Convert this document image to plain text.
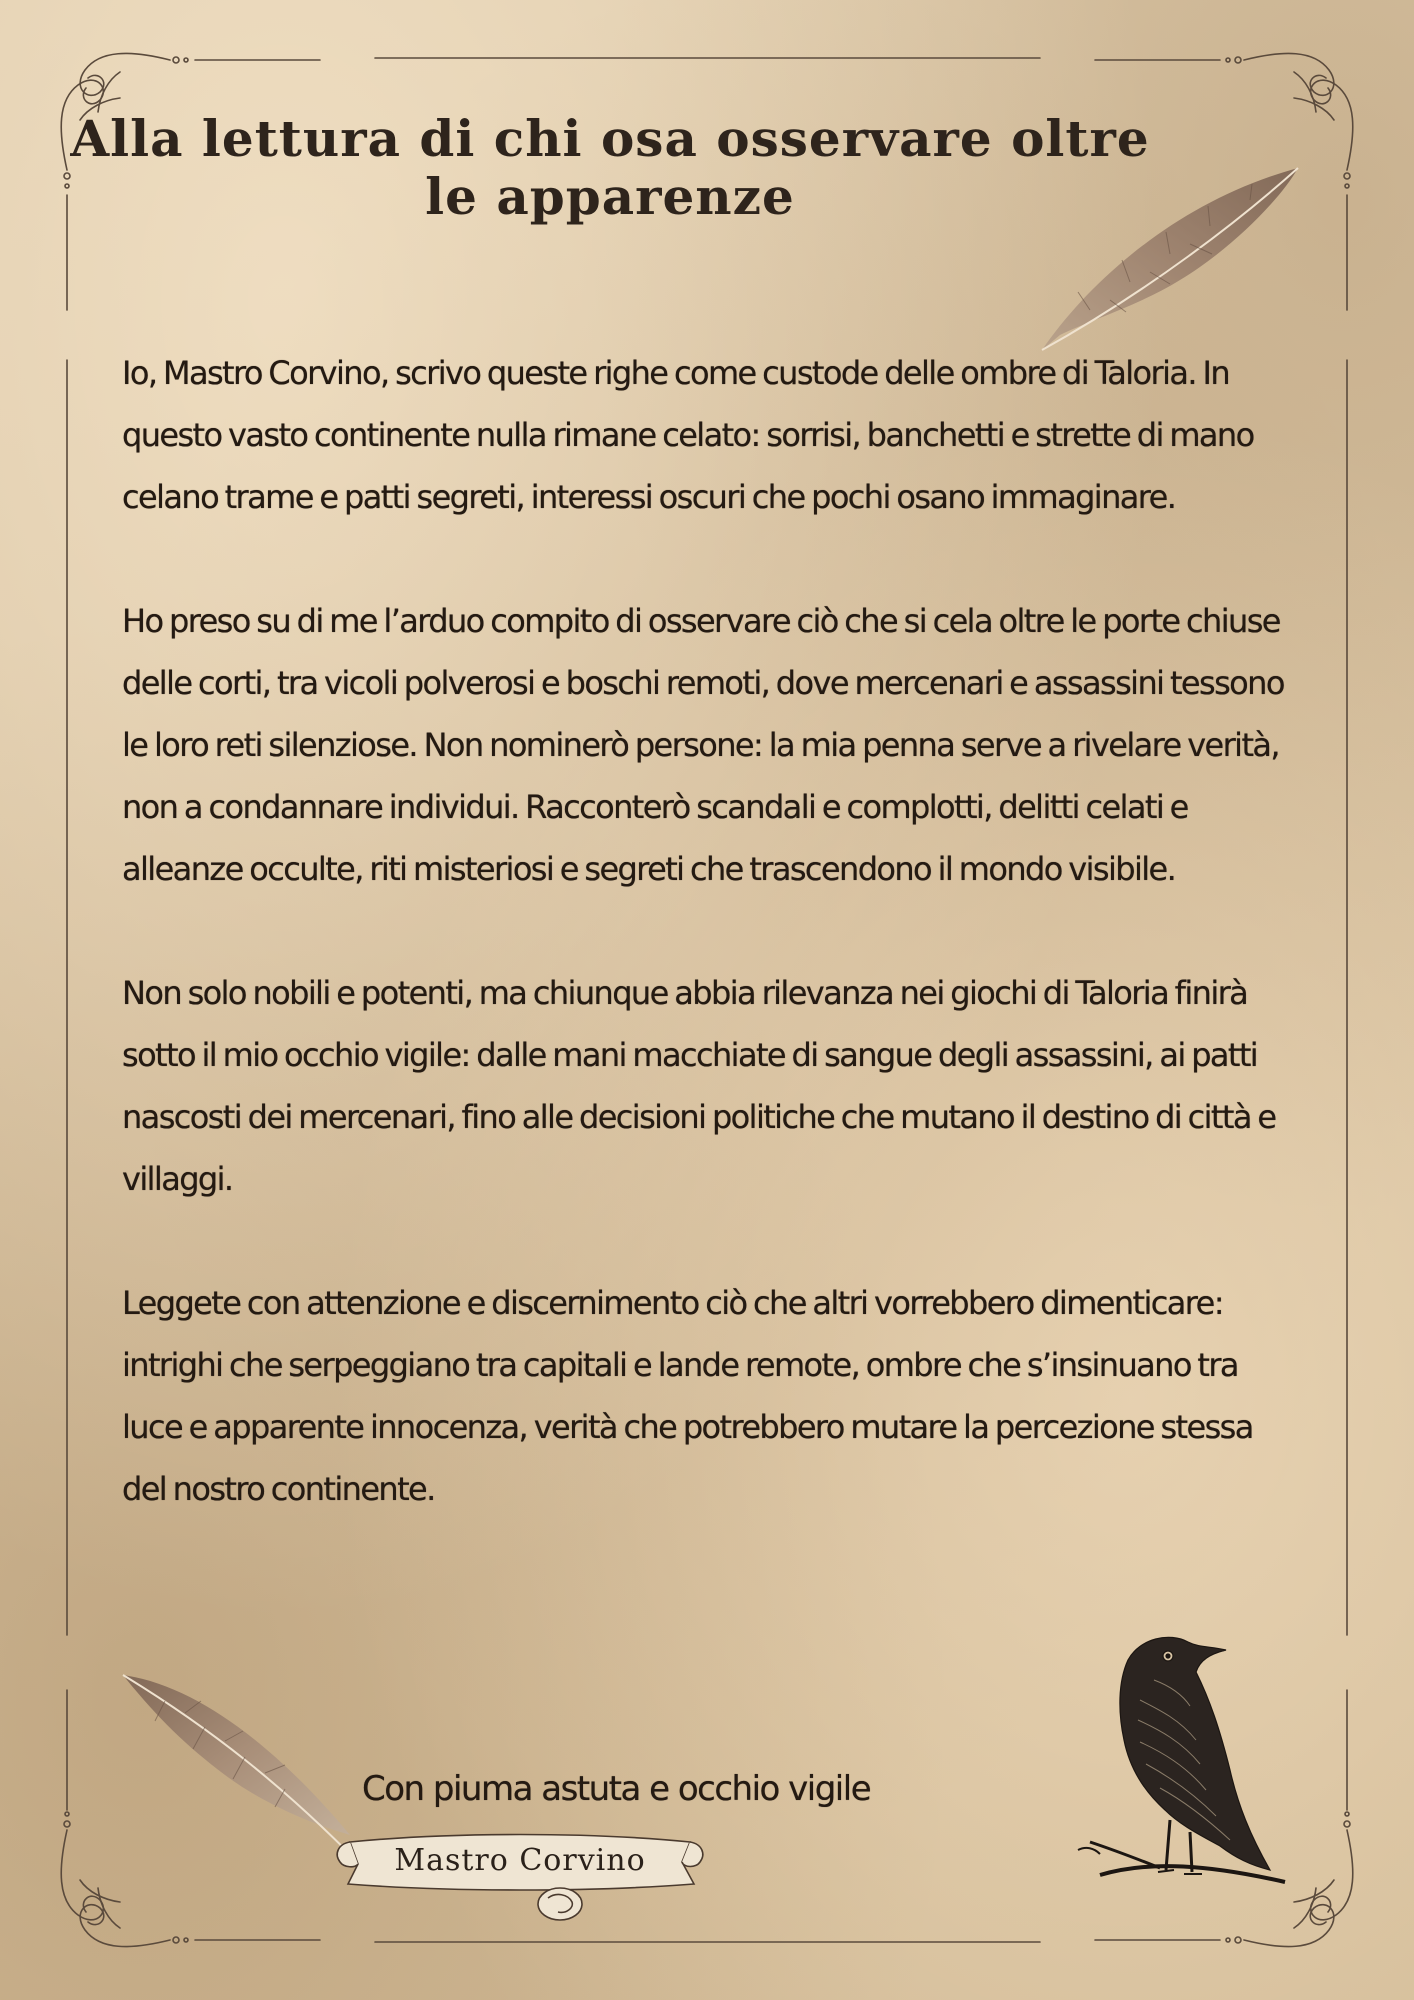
Alla lettura di chi osa osservare oltre le apparenze

Io, Mastro Corvino, scrivo queste righe come custode delle ombre di Taloria. In questo vasto continente nulla rimane celato: sorrisi, banchetti e strette di mano celano trame e patti segreti, interessi oscuri che pochi osano immaginare.

Ho preso su di me l’arduo compito di osservare ciò che si cela oltre le porte chiuse delle corti, tra vicoli polverosi e boschi remoti, dove mercenari e assassini tessono le loro reti silenziose. Non nominerò persone: la mia penna serve a rivelare verità, non a condannare individui. Racconterò scandali e complotti, delitti celati e alleanze occulte, riti misteriosi e segreti che trascendono il mondo visibile.

Non solo nobili e potenti, ma chiunque abbia rilevanza nei giochi di Taloria finirà sotto il mio occhio vigile: dalle mani macchiate di sangue degli assassini, ai patti nascosti dei mercenari, fino alle decisioni politiche che mutano il destino di città e villaggi.

Leggete con attenzione e discernimento ciò che altri vorrebbero dimenticare: intrighi che serpeggiano tra capitali e lande remote, ombre che s’insinuano tra luce e apparente innocenza, verità che potrebbero mutare la percezione stessa del nostro continente.

Con piuma astuta e occhio vigile

Mastro Corvino
